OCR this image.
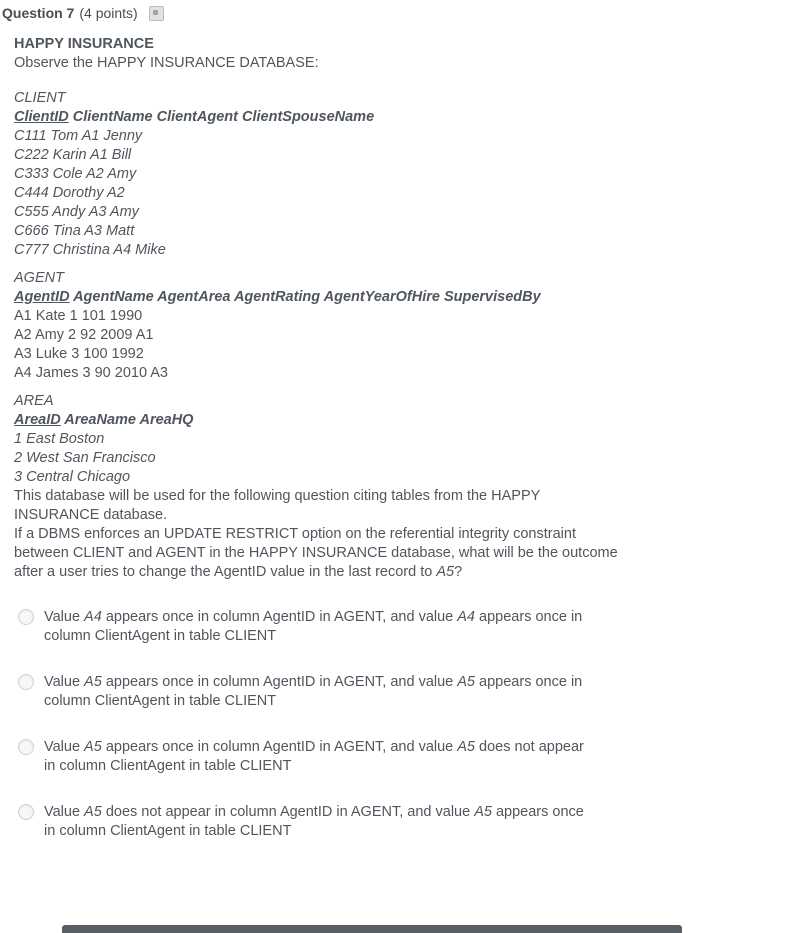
Question 7 (4 points)

HAPPY INSURANCE

Observe the HAPPY INSURANCE DATABASE:

CLIENT
ClientID ClientName ClientAgent ClientSpouseName
C111 Tom A1 Jenny
C222 Karin A1 Bill
C333 Cole A2 Amy
C444 Dorothy A2
C555 Andy A3 Amy
C666 Tina A3 Matt
C777 Christina A4 Mike
AGENT
AgentID AgentName AgentArea AgentRating AgentYearOfHire SupervisedBy
A1 Kate 1 101 1990
A2 Amy 2 92 2009 A1
A3 Luke 3 100 1992
A4 James 3 90 2010 A3
AREA
AreaID AreaName AreaHQ
1 East Boston
2 West San Francisco
3 Central Chicago

This database will be used for the following question citing tables from the HAPPY INSURANCE database.

If a DBMS enforces an UPDATE RESTRICT option on the referential integrity constraint between CLIENT and AGENT in the HAPPY INSURANCE database, what will be the outcome after a user tries to change the AgentID value in the last record to A5?

Value A4 appears once in column AgentID in AGENT, and value A4 appears once in column ClientAgent in table CLIENT
Value A5 appears once in column AgentID in AGENT, and value A5 appears once in column ClientAgent in table CLIENT
Value A5 appears once in column AgentID in AGENT, and value A5 does not appear in column ClientAgent in table CLIENT
Value A5 does not appear in column AgentID in AGENT, and value A5 appears once in column ClientAgent in table CLIENT
